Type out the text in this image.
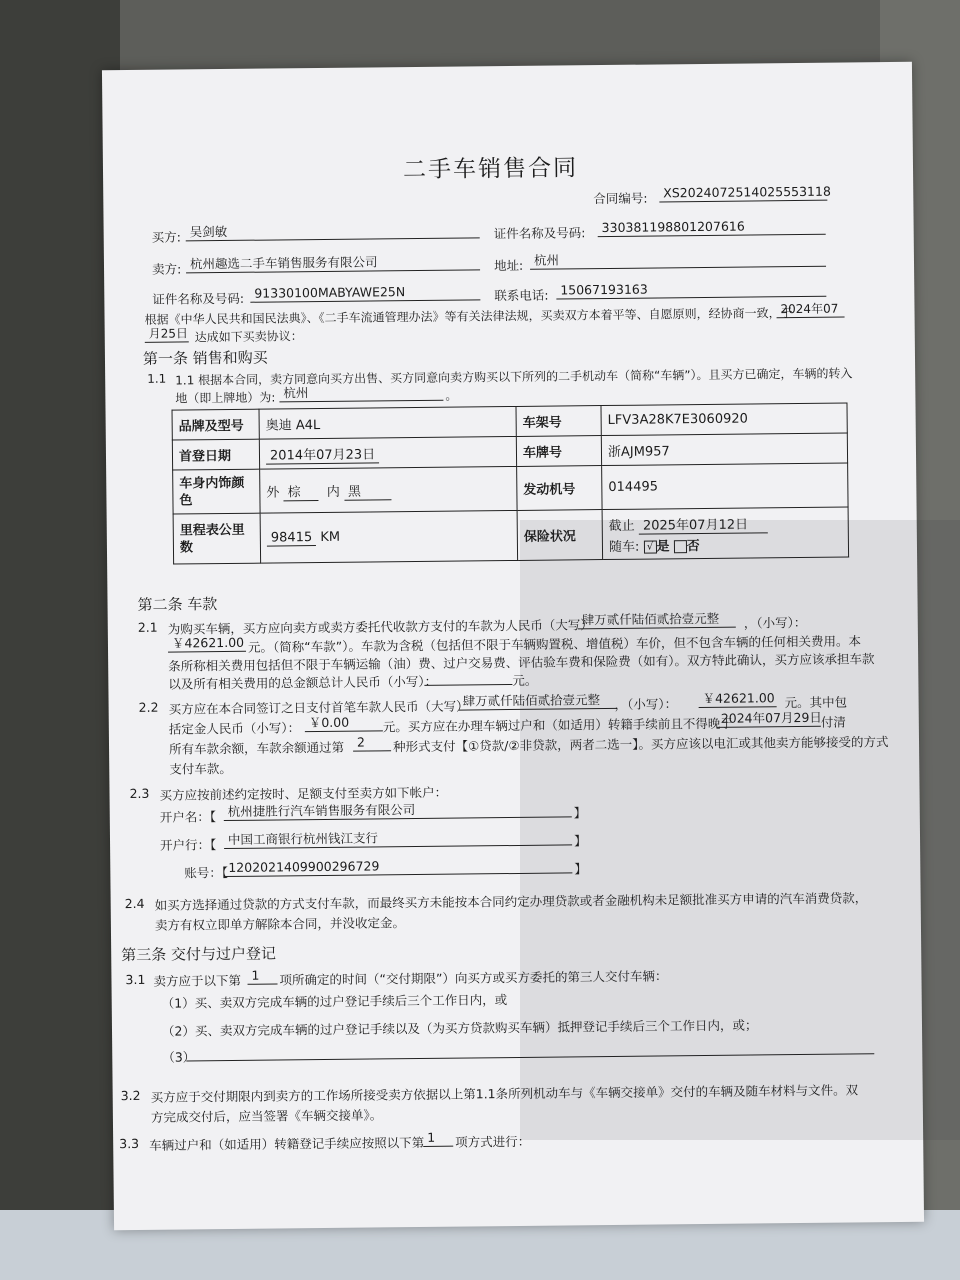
二手车销售合同
合同编号:	XS2024072514025553118
买方: 吴剑敏	证件名称及号码:	330381198801207616
卖方: 杭州趣选二手车销售服务有限公司	地址: 杭州
证件名称及号码: 91330100MABYAWE25N	联系电话: 15067193163
根据《中华人民共和国民法典》、《二手车流通管理办法》等有关法律法规，买卖双方本着平等、自愿原则，经协商一致，于
2024年07
月25日 达成如下买卖协议：
第一条 销售和购买
1.1 1.1 根据本合同，卖方同意向买方出售、买方同意向卖方购买以下所列的二手机动车（简称“车辆”）。且买方已确定，车辆的转入
地（即上牌地）为: 杭州	。
品牌及型号	奥迪 A4L	车架号	LFV3A28K7E3060920
首登日期	2014年07月23日	车牌号	浙AJM957
车身内饰颜色	外 棕 内 黑	发动机号	014495
里程表公里数	98415 KM	保险状况	截止 2025年07月12日
随车: √ 是 否
第二条 车款
2.1 为购买车辆，买方应向卖方或卖方委托代收款方支付的车款为人民币（大写）
肆万贰仟陆佰贰拾壹元整	，（小写）：
￥42621.00 元。（简称“车款”）。车款为含税（包括但不限于车辆购置税、增值税）车价，但不包含车辆的任何相关费用。本
条所称相关费用包括但不限于车辆运输（油）费、过户交易费、评估验车费和保险费（如有）。双方特此确认，买方应该承担车款
以及所有相关费用的总金额总计人民币（小写）：	元。
2.2 买方应在本合同签订之日支付首笔车款人民币（大写）
肆万贰仟陆佰贰拾壹元整	，（小写）：	￥42621.00 元。其中包
括定金人民币（小写）： ￥0.00	元。买方应在办理车辆过户和（如适用）转籍手续前且不得晚于
2024年07月29日
付清
所有车款余额，车款余额通过第	2	种形式支付【①贷款/②非贷款，两者二选一】。买方应该以电汇或其他卖方能够接受的方式
支付车款。
2.3 买方应按前述约定按时、足额支付至卖方如下帐户：
开户名：【 杭州捷胜行汽车销售服务有限公司	】
开户行：【 中国工商银行杭州钱江支行	】
账号：【 1202021409900296729	】
2.4 如买方选择通过贷款的方式支付车款，而最终买方未能按本合同约定办理贷款或者金融机构未足额批准买方申请的汽车消费贷款，
卖方有权立即单方解除本合同，并没收定金。
第三条 交付与过户登记
3.1 卖方应于以下第 1	项所确定的时间（“交付期限”）向买方或买方委托的第三人交付车辆：
（1）买、卖双方完成车辆的过户登记手续后三个工作日内，或
（2）买、卖双方完成车辆的过户登记手续以及（为买方贷款购买车辆）抵押登记手续后三个工作日内，或；
（3）
3.2 买方应于交付期限内到卖方的工作场所接受卖方依据以上第1.1条所列机动车与《车辆交接单》交付的车辆及随车材料与文件。双
方完成交付后，应当签署《车辆交接单》。
3.3 车辆过户和（如适用）转籍登记手续应按照以下第 1	项方式进行：
